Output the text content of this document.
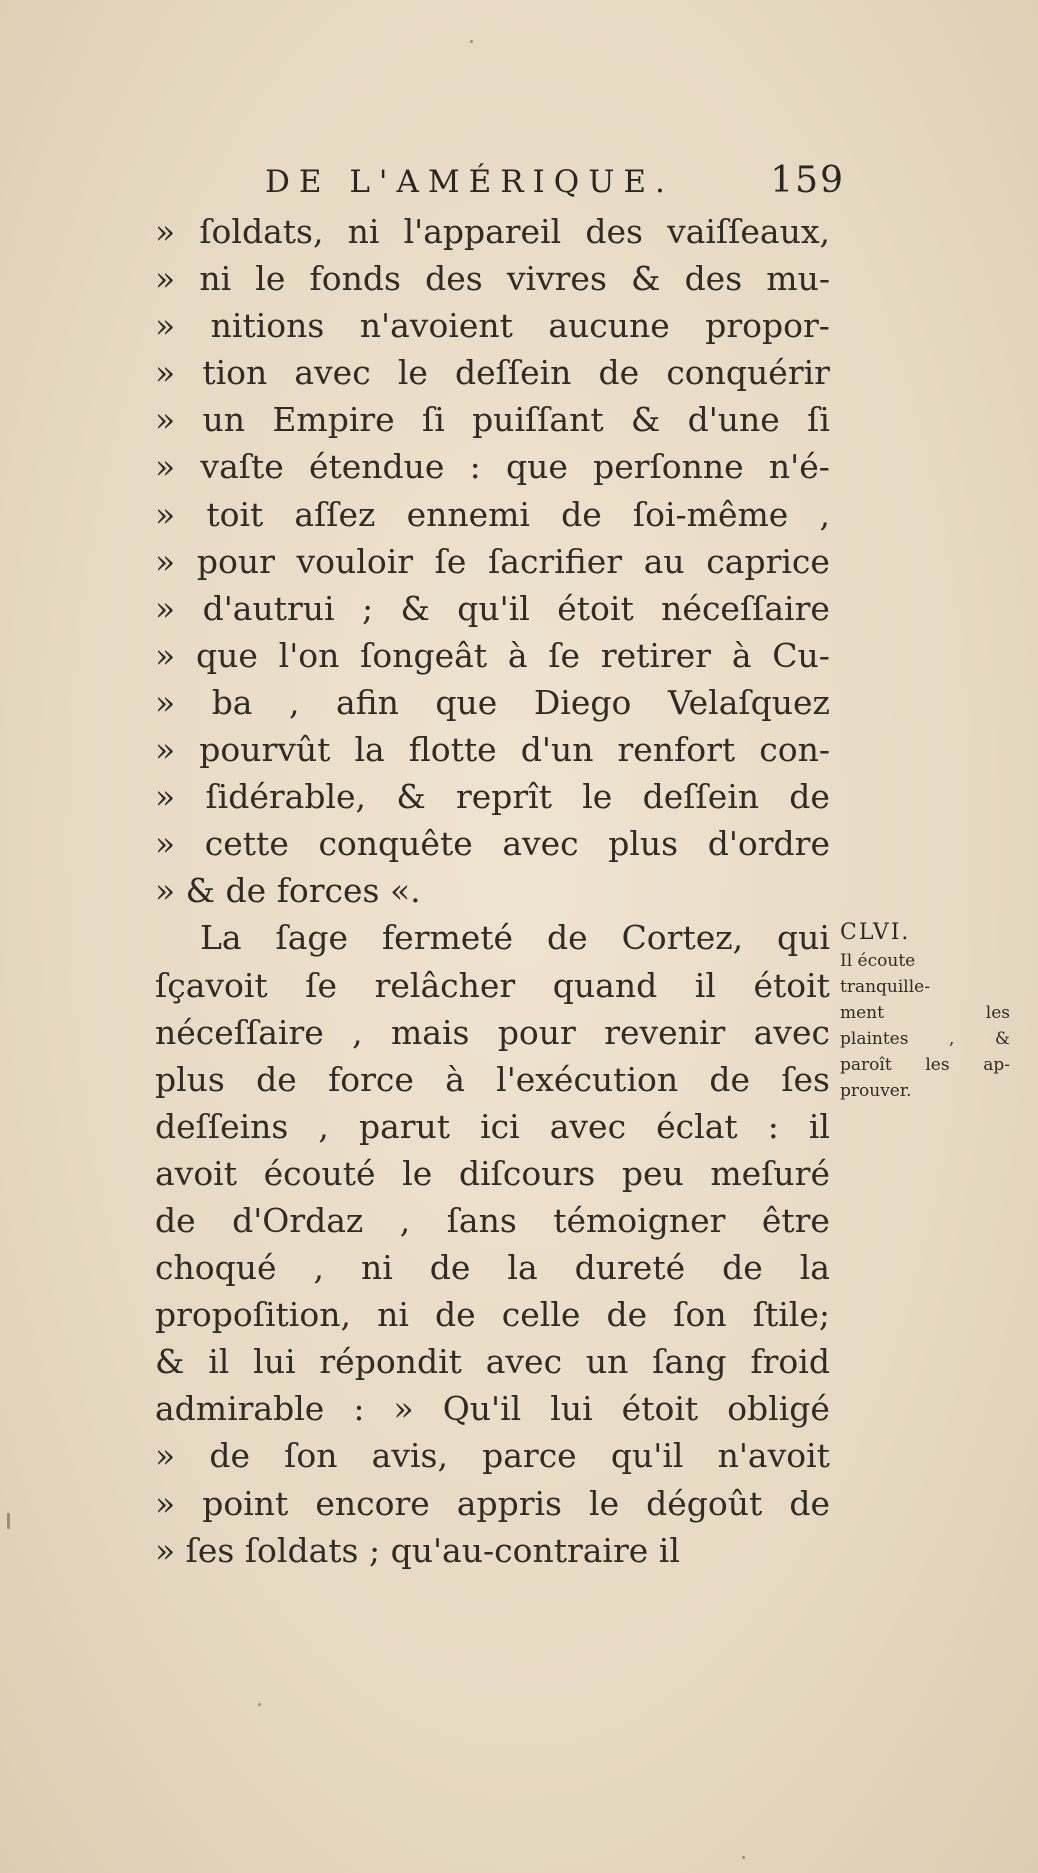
DE L'AMÉRIQUE.	159
» ſoldats, ni l'appareil des vaiſſeaux,
» ni le fonds des vivres & des mu-
» nitions n'avoient aucune propor-
» tion avec le deſſein de conquérir
» un Empire ſi puiſſant & d'une ſi
» vaſte étendue : que perſonne n'é-
» toit aſſez ennemi de ſoi-même ,
» pour vouloir ſe ſacrifier au caprice
» d'autrui ; & qu'il étoit néceſſaire
» que l'on ſongeât à ſe retirer à Cu-
» ba , afin que Diego Velaſquez
» pourvût la flotte d'un renfort con-
» ſidérable, & reprît le deſſein de
» cette conquête avec plus d'ordre
» & de forces «.
La ſage fermeté de Cortez, qui
ſçavoit ſe relâcher quand il étoit
néceſſaire , mais pour revenir avec
plus de force à l'exécution de ſes
deſſeins , parut ici avec éclat : il
avoit écouté le diſcours peu meſuré
de d'Ordaz , ſans témoigner être
choqué , ni de la dureté de la
propoſition, ni de celle de ſon ſtile;
& il lui répondit avec un ſang froid
admirable : » Qu'il lui étoit obligé
» de ſon avis, parce qu'il n'avoit
» point encore appris le dégoût de
» ſes ſoldats ; qu'au-contraire il
CLVI.
Il écoute
tranquille-
ment	les
plaintes , &
paroît les ap-
prouver.
